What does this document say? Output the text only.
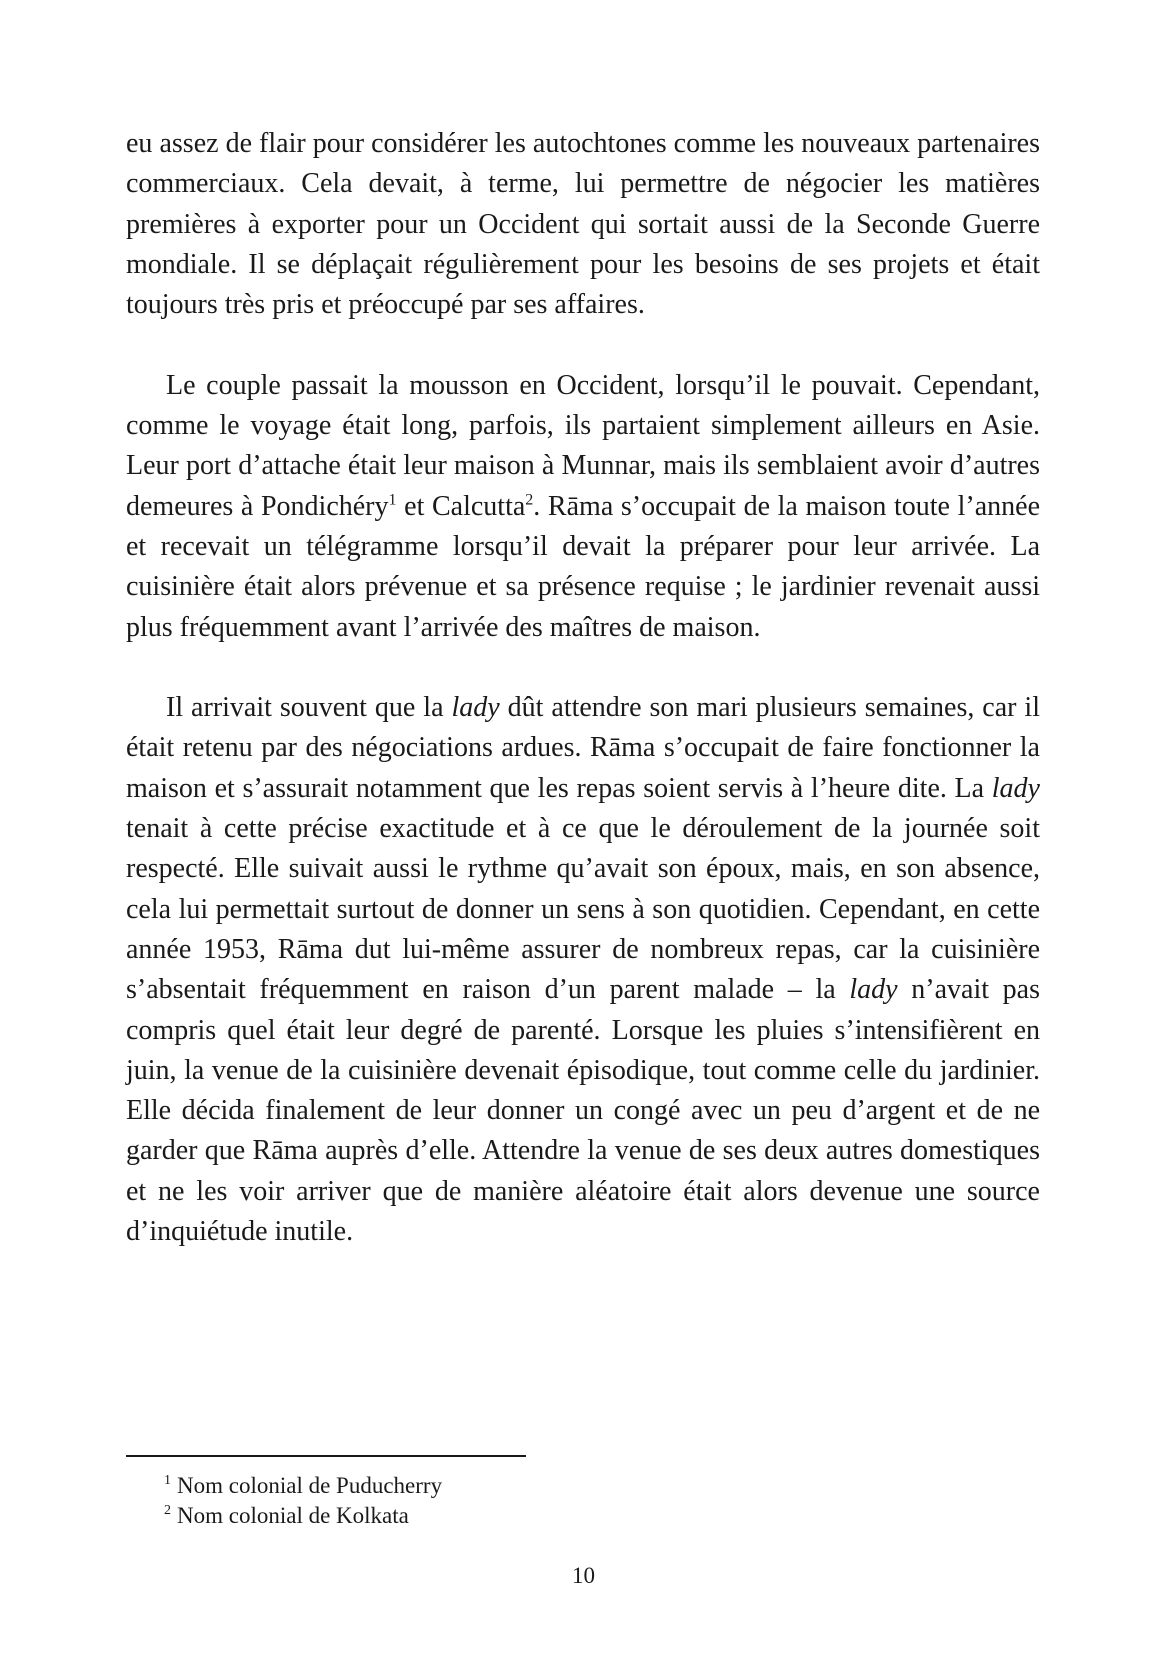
eu assez de flair pour considérer les autochtones comme les nouveaux partenaires commerciaux. Cela devait, à terme, lui permettre de négocier les matières premières à exporter pour un Occident qui sortait aussi de la Seconde Guerre mondiale. Il se déplaçait régulièrement pour les besoins de ses projets et était toujours très pris et préoccupé par ses affaires.

Le couple passait la mousson en Occident, lorsqu’il le pouvait. Cependant, comme le voyage était long, parfois, ils partaient simplement ailleurs en Asie. Leur port d’attache était leur maison à Munnar, mais ils semblaient avoir d’autres demeures à Pondichéry$^1$ et Calcutta$^2$. Rāma s’occupait de la maison toute l’année et recevait un télégramme lorsqu’il devait la préparer pour leur arrivée. La cuisinière était alors prévenue et sa présence requise ; le jardinier revenait aussi plus fréquemment avant l’arrivée des maîtres de maison.

Il arrivait souvent que la lady dût attendre son mari plusieurs semaines, car il était retenu par des négociations ardues. Rāma s’occupait de faire fonctionner la maison et s’assurait notamment que les repas soient servis à l’heure dite. La lady tenait à cette précise exactitude et à ce que le déroulement de la journée soit respecté. Elle suivait aussi le rythme qu’avait son époux, mais, en son absence, cela lui permettait surtout de donner un sens à son quotidien. Cependant, en cette année 1953, Rāma dut lui-même assurer de nombreux repas, car la cuisinière s’absentait fréquemment en raison d’un parent malade – la lady n’avait pas compris quel était leur degré de parenté. Lorsque les pluies s’intensifièrent en juin, la venue de la cuisinière devenait épisodique, tout comme celle du jardinier. Elle décida finalement de leur donner un congé avec un peu d’argent et de ne garder que Rāma auprès d’elle. Attendre la venue de ses deux autres domestiques et ne les voir arriver que de manière aléatoire était alors devenue une source d’inquiétude inutile.

$^1$ Nom colonial de Puducherry
$^2$ Nom colonial de Kolkata
10
